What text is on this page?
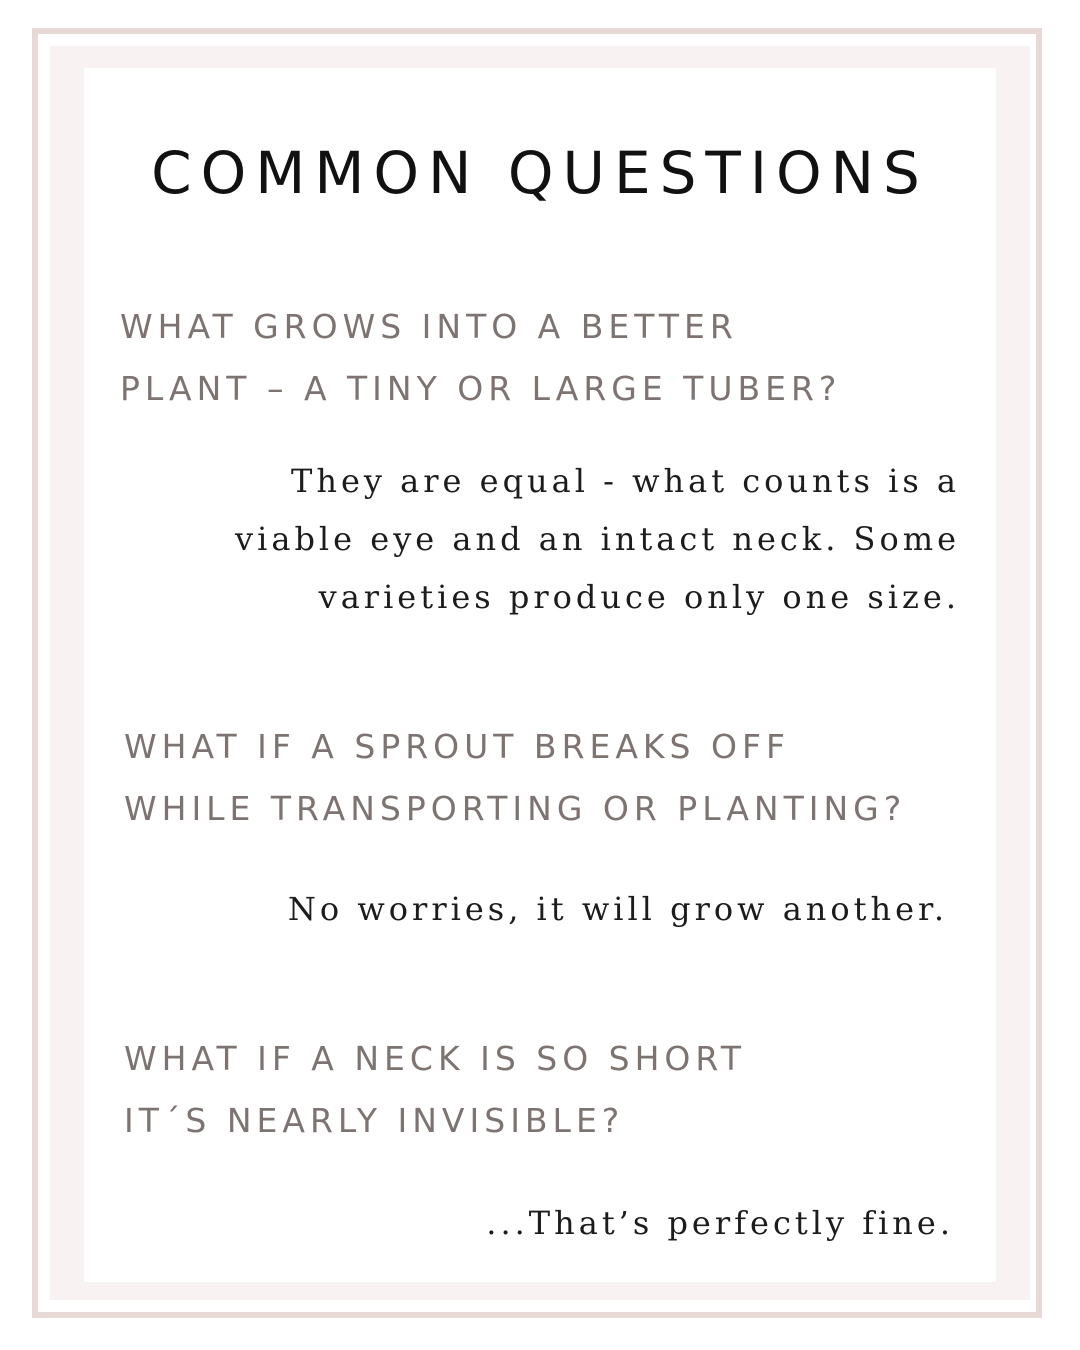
COMMON QUESTIONS
WHAT GROWS INTO A BETTER
PLANT – A TINY OR LARGE TUBER?
They are equal - what counts is a
viable eye and an intact neck. Some
varieties produce only one size.
WHAT IF A SPROUT BREAKS OFF
WHILE TRANSPORTING OR PLANTING?
No worries, it will grow another.
WHAT IF A NECK IS SO SHORT
IT´S NEARLY INVISIBLE?
...That’s perfectly fine.
